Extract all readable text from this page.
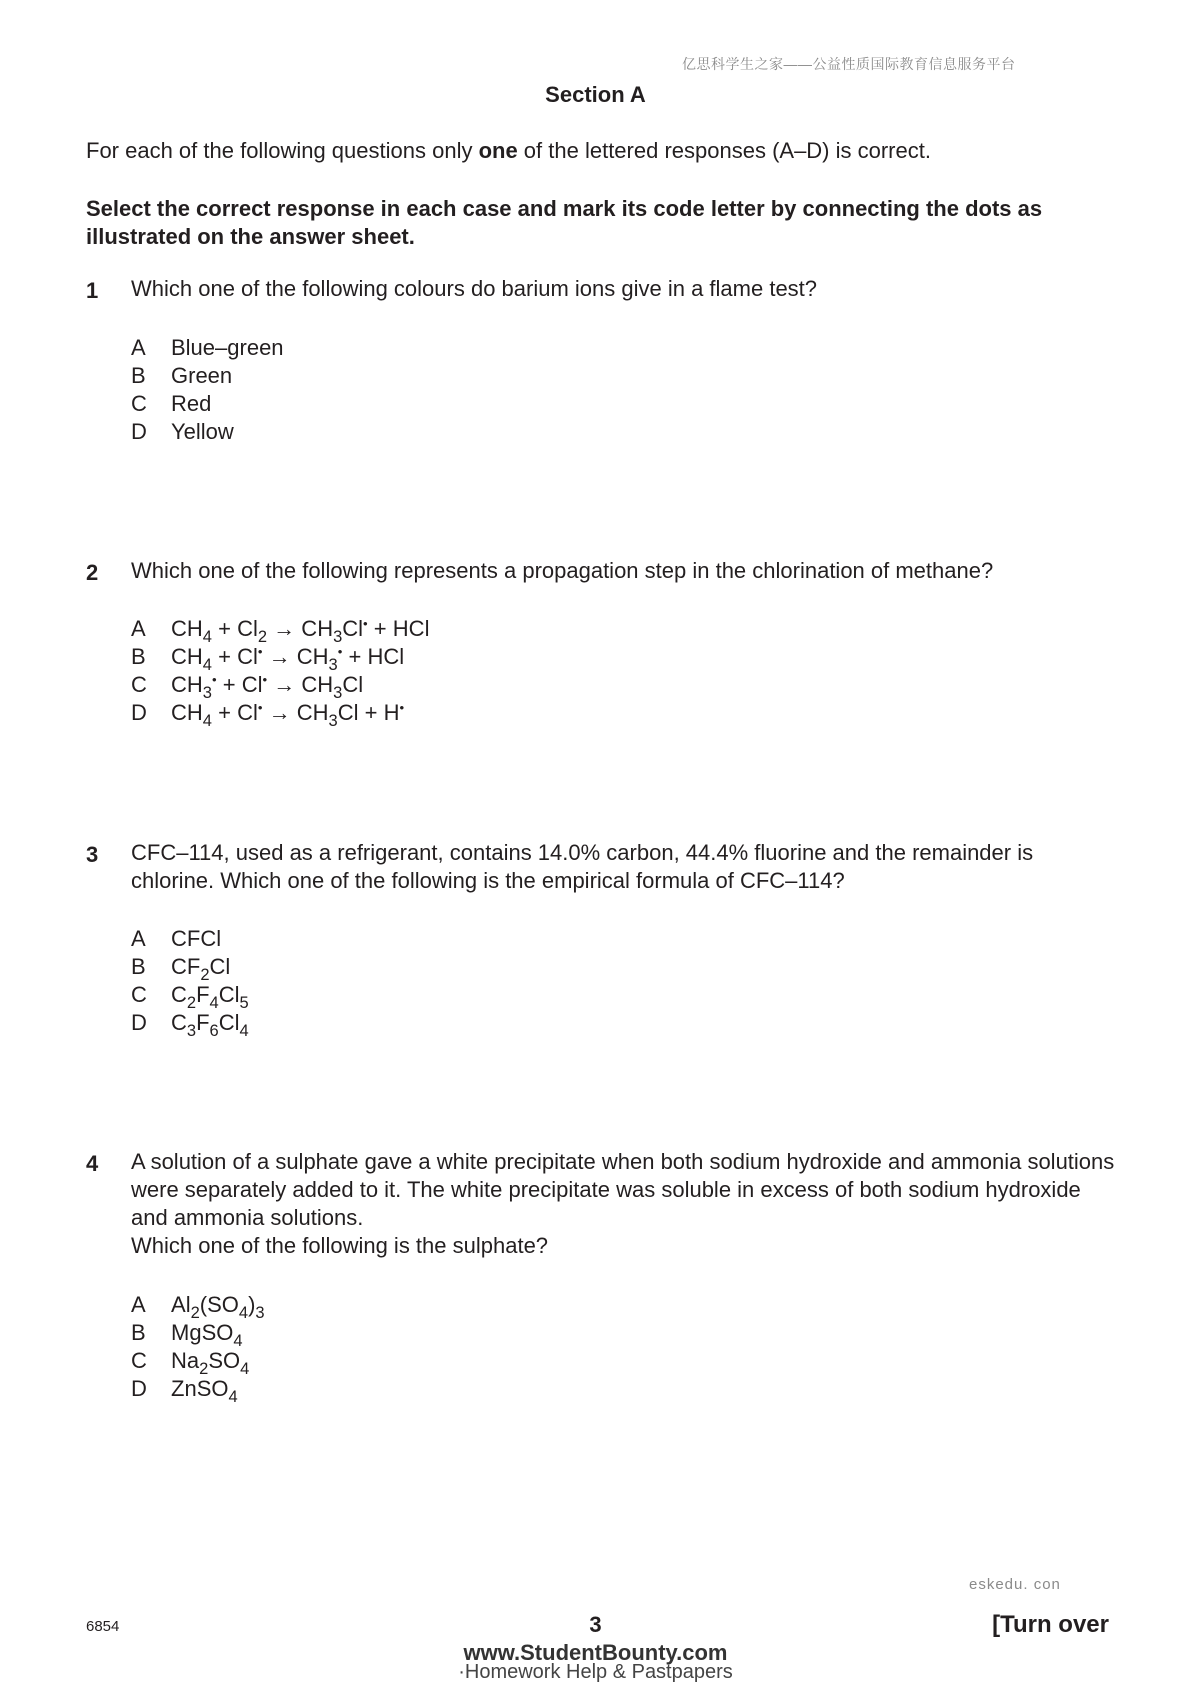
亿思科学生之家——公益性质国际教育信息服务平台
Section A
For each of the following questions only one of the lettered responses (A–D) is correct.
Select the correct response in each case and mark its code letter by connecting the dots as illustrated on the answer sheet.
1 Which one of the following colours do barium ions give in a flame test?
A Blue–green
B Green
C Red
D Yellow
2 Which one of the following represents a propagation step in the chlorination of methane?
A $CH_4 + Cl_2 \to CH_3Cl^•$ + HCl
B $CH_4 + Cl^• \to CH_3^•$ + HCl
C $CH_3^• + Cl^• \to CH_3Cl$
D $CH_4 + Cl^• \to CH_3Cl + H^•$
3 CFC–114, used as a refrigerant, contains 14.0% carbon, 44.4% fluorine and the remainder is chlorine. Which one of the following is the empirical formula of CFC–114?
A CFCl
B $CF_2Cl$
C $C_2F_4Cl_5$
D $C_3F_6Cl_4$
4 A solution of a sulphate gave a white precipitate when both sodium hydroxide and ammonia solutions were separately added to it. The white precipitate was soluble in excess of both sodium hydroxide and ammonia solutions.
Which one of the following is the sulphate?
A $Al_2(SO_4)_3$
B MgSO$_4$
C $Na_2SO_4$
D ZnSO$_4$
eskedu. con
6854	3	[Turn over
www.StudentBounty.com
·Homework Help & Pastpapers
